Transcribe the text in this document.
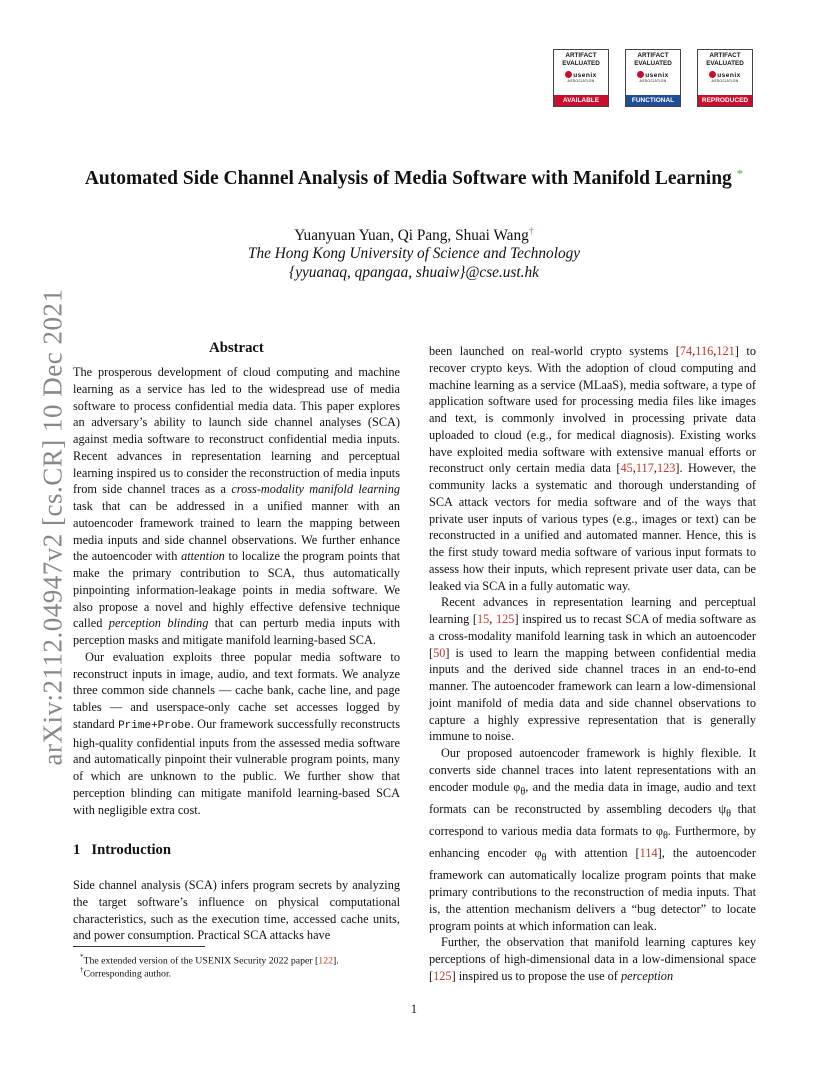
ARTIFACT
EVALUATED
usenix
ASSOCIATION
AVAILABLE
ARTIFACT
EVALUATED
usenix
ASSOCIATION
FUNCTIONAL
ARTIFACT
EVALUATED
usenix
ASSOCIATION
REPRODUCED
Automated Side Channel Analysis of Media Software with Manifold Learning *
Yuanyuan Yuan, Qi Pang, Shuai Wang†
The Hong Kong University of Science and Technology
{yyuanaq, qpangaa, shuaiw}@cse.ust.hk
arXiv:2112.04947v2 [cs.CR] 10 Dec 2021	Abstract

The prosperous development of cloud computing and machine learning as a service has led to the widespread use of media software to process confidential media data. This paper explores an adversary’s ability to launch side channel analyses (SCA) against media software to reconstruct confidential media inputs. Recent advances in representation learning and perceptual learning inspired us to consider the reconstruction of media inputs from side channel traces as a cross-modality manifold learning task that can be addressed in a unified manner with an autoencoder framework trained to learn the mapping between media inputs and side channel observations. We further enhance the autoencoder with attention to localize the program points that make the primary contribution to SCA, thus automatically pinpointing information-leakage points in media software. We also propose a novel and highly effective defensive technique called perception blinding that can perturb media inputs with perception masks and mitigate manifold learning-based SCA.

Our evaluation exploits three popular media software to reconstruct inputs in image, audio, and text formats. We analyze three common side channels — cache bank, cache line, and page tables — and userspace-only cache set accesses logged by standard Prime+Probe. Our framework successfully reconstructs high-quality confidential inputs from the assessed media software and automatically pinpoint their vulnerable program points, many of which are unknown to the public. We further show that perception blinding can mitigate manifold learning-based SCA with negligible extra cost.

1 Introduction

Side channel analysis (SCA) infers program secrets by analyzing the target software’s influence on physical computational characteristics, such as the execution time, accessed cache units, and power consumption. Practical SCA attacks have

*The extended version of the USENIX Security 2022 paper [122].
†Corresponding author.

been launched on real-world crypto systems [74,116,121] to recover crypto keys. With the adoption of cloud computing and machine learning as a service (MLaaS), media software, a type of application software used for processing media files like images and text, is commonly involved in processing private data uploaded to cloud (e.g., for medical diagnosis). Existing works have exploited media software with extensive manual efforts or reconstruct only certain media data [45,117,123]. However, the community lacks a systematic and thorough understanding of SCA attack vectors for media software and of the ways that private user inputs of various types (e.g., images or text) can be reconstructed in a unified and automated manner. Hence, this is the first study toward media software of various input formats to assess how their inputs, which represent private user data, can be leaked via SCA in a fully automatic way.

Recent advances in representation learning and perceptual learning [15, 125] inspired us to recast SCA of media software as a cross-modality manifold learning task in which an autoencoder [50] is used to learn the mapping between confidential media inputs and the derived side channel traces in an end-to-end manner. The autoencoder framework can learn a low-dimensional joint manifold of media data and side channel observations to capture a highly expressive representation that is generally immune to noise.

Our proposed autoencoder framework is highly flexible. It converts side channel traces into latent representations with an encoder module $\varphi_\theta$, and the media data in image, audio and text formats can be reconstructed by assembling decoders $\psi_\theta$ that correspond to various media data formats to $\varphi_\theta$. Furthermore, by enhancing encoder $\varphi_\theta$ with attention [114], the autoencoder framework can automatically localize program points that make primary contributions to the reconstruction of media inputs. That is, the attention mechanism delivers a “bug detector” to locate program points at which information can leak.

Further, the observation that manifold learning captures key perceptions of high-dimensional data in a low-dimensional space [125] inspired us to propose the use of perception

1
